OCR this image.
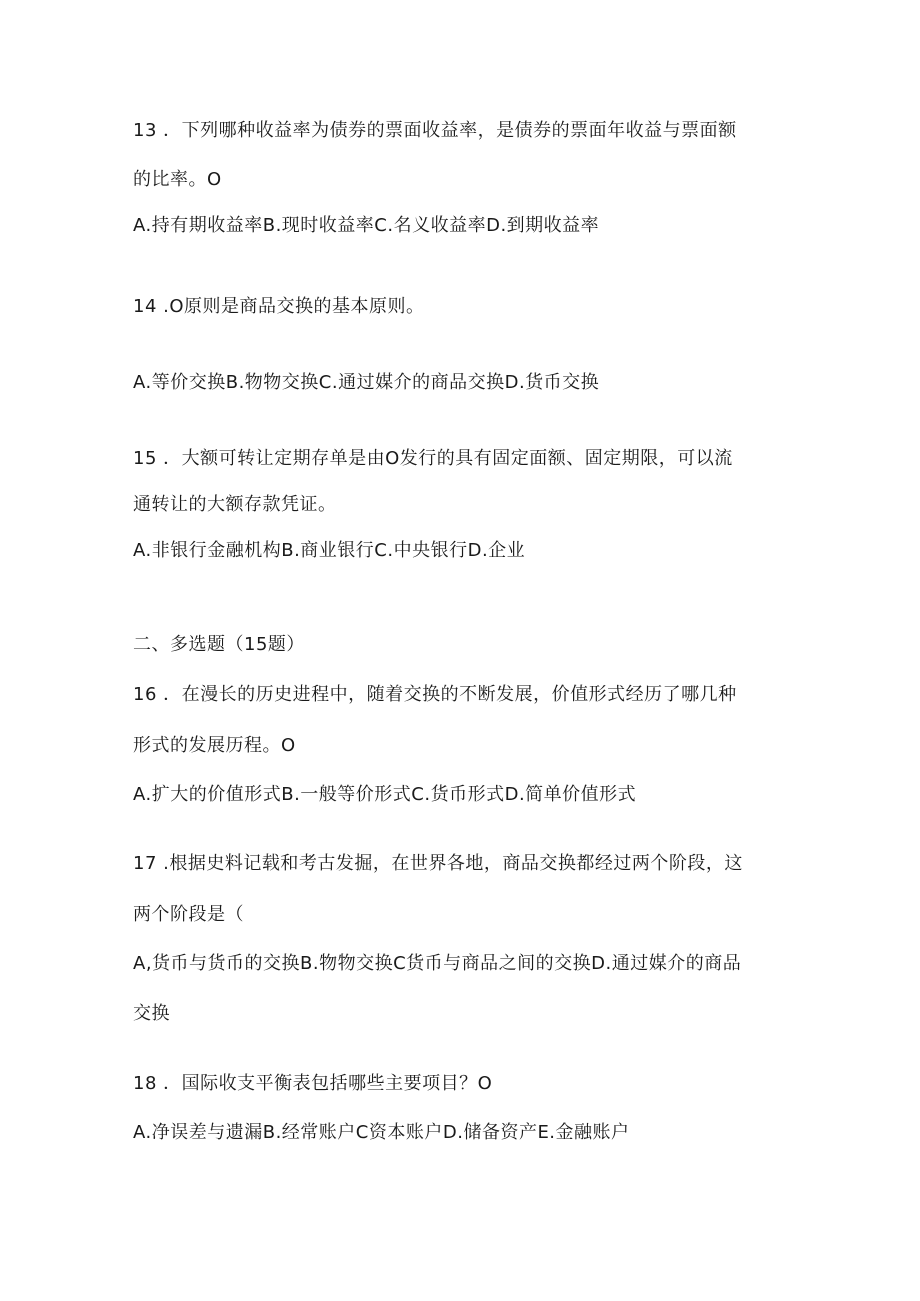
13 ．下列哪种收益率为债券的票面收益率，是债券的票面年收益与票面额
的比率。O
A.持有期收益率B.现时收益率C.名义收益率D.到期收益率
14 .O原则是商品交换的基本原则。
A.等价交换B.物物交换C.通过媒介的商品交换D.货币交换
15 ．大额可转让定期存单是由O发行的具有固定面额、固定期限，可以流
通转让的大额存款凭证。
A.非银行金融机构B.商业银行C.中央银行D.企业
二、多选题（15题）
16 ．在漫长的历史进程中，随着交换的不断发展，价值形式经历了哪几种
形式的发展历程。O
A.扩大的价值形式B.一般等价形式C.货币形式D.简单价值形式
17 .根据史料记载和考古发掘，在世界各地，商品交换都经过两个阶段，这
两个阶段是（
A,货币与货币的交换B.物物交换C货币与商品之间的交换D.通过媒介的商品
交换
18 ．国际收支平衡表包括哪些主要项目？O
A.净误差与遗漏B.经常账户C资本账户D.储备资产E.金融账户
